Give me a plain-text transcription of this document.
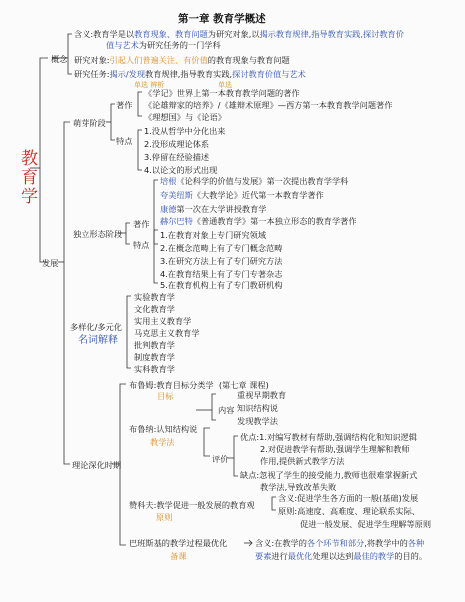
第一章 教育学概述
教
育
学
概念
含义:教育学是以教育现象、教育问题为研究对象,以揭示教育规律,指导教育实践,探讨教育价
值与艺术为研究任务的一门学科
研究对象:引起人们普遍关注、有价值的教育现象与教育问题
研究任务:揭示/发现教育规律,指导教育实践,探讨教育价值与艺术
单选 辨析	单选
发展
萌芽阶段
著作
《学记》世界上第一本教育教学问题的著作
《论雄辩家的培养》/《雄辩术原理》—西方第一本教育教学问题著作
《理想国》与《论语》
特点
1.没从哲学中分化出来
2.没形成理论体系
3.停留在经验描述
4.以论文的形式出现
独立形态阶段
著作
培根《论科学的价值与发展》第一次提出教育学学科
夸美纽斯《大教学论》近代第一本教育学著作
康德第一次在大学讲授教育学
赫尔巴特《普通教育学》第一本独立形态的教育学著作
特点
1.在教育对象上专门研究领域
2.在概念范畴上有了专门概念范畴
3.在研究方法上有了专门研究方法
4.在教育结果上有了专门专著杂志
5.在教育机构上有了专门教研机构
多样化/多元化
名词解释
实验教育学
文化教育学
实用主义教育学
马克思主义教育学
批判教育学
制度教育学
实科教育学
理论深化时期
布鲁姆:教育目标分类学 (第七章 课程)
目标
布鲁纳:认知结构说
教学法
内容
重视早期教育
知识结构说
发现教学法
评价
优点:1.对编写教材有帮助,强调结构化和知识逻辑
2.对促进教学有帮助,强调学生理解和教师
作用,提供新式教学方法
缺点:忽视了学生的接受能力,教师也很难掌握新式
教学法,导致改革失败
赞科夫:教学促进一般发展的教育观
原则
含义:促进学生各方面的一般(基础)发展
原则:高速度、高难度、理论联系实际、
促进一般发展、促进学生理解等原则
巴班斯基的教学过程最优化
备课
含义:在教学的各个环节和部分,将教学中的各种
要素进行最优化处理以达到最佳的教学的目的。
